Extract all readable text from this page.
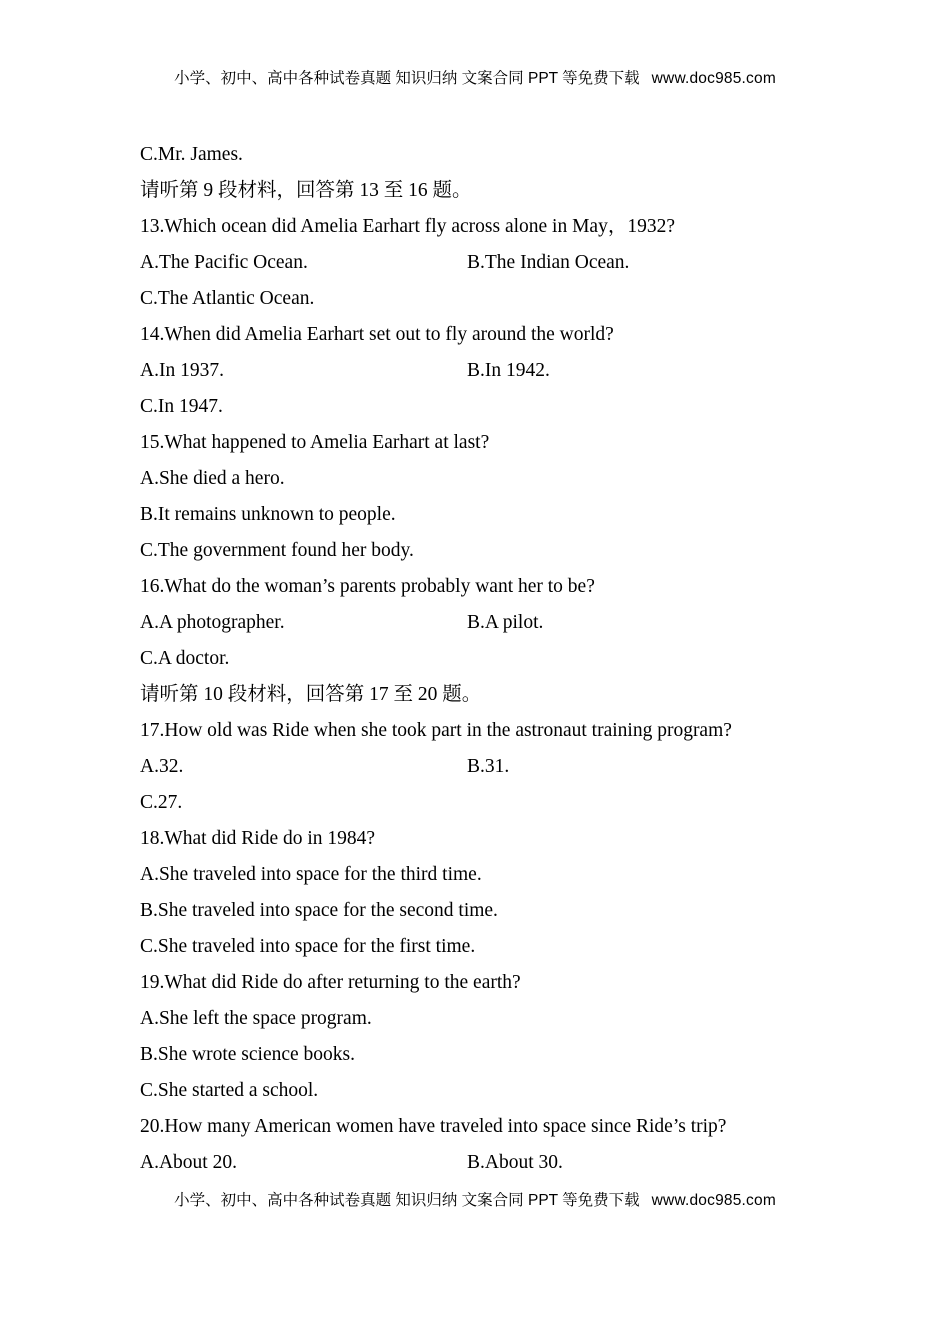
小学、初中、高中各种试卷真题 知识归纳 文案合同 PPT 等免费下载 www.doc985.com
C.Mr. James.
请听第 9 段材料，回答第 13 至 16 题。
13.Which ocean did Amelia Earhart fly across alone in May，1932?
A.The Pacific Ocean.	B.The Indian Ocean.
C.The Atlantic Ocean.
14.When did Amelia Earhart set out to fly around the world?
A.In 1937.	B.In 1942.
C.In 1947.
15.What happened to Amelia Earhart at last?
A.She died a hero.
B.It remains unknown to people.
C.The government found her body.
16.What do the woman’s parents probably want her to be?
A.A photographer.	B.A pilot.
C.A doctor.
请听第 10 段材料，回答第 17 至 20 题。
17.How old was Ride when she took part in the astronaut training program?
A.32.	B.31.
C.27.
18.What did Ride do in 1984?
A.She traveled into space for the third time.
B.She traveled into space for the second time.
C.She traveled into space for the first time.
19.What did Ride do after returning to the earth?
A.She left the space program.
B.She wrote science books.
C.She started a school.
20.How many American women have traveled into space since Ride’s trip?
A.About 20.	B.About 30.
小学、初中、高中各种试卷真题 知识归纳 文案合同 PPT 等免费下载 www.doc985.com
